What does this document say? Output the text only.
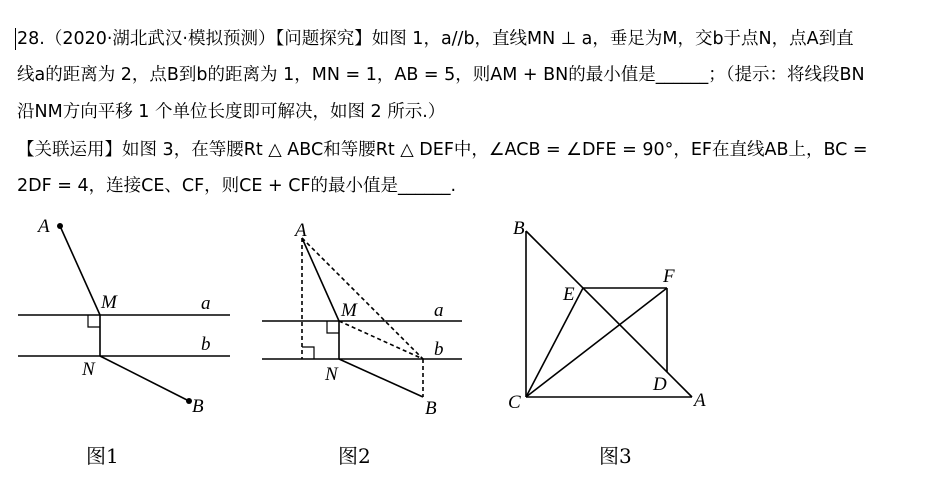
28.（2020·湖北武汉·模拟预测）【问题探究】如图 1，a//b，直线MN ⊥ a，垂足为M，交b于点N，点A到直
线a的距离为 2，点B到b的距离为 1，MN = 1，AB = 5，则AM + BN的最小值是______；（提示：将线段BN
沿NM方向平移 1 个单位长度即可解决，如图 2 所示.）
【关联运用】如图 3，在等腰Rt △ ABC和等腰Rt △ DEF中，∠ACB = ∠DFE = 90°，EF在直线AB上，BC =
2DF = 4，连接CE、CF，则CE + CF的最小值是______.
A
M	a
b
N
B
图1
A
M	a
b
N
B
图2
B
E
F
D
C	A
图3
